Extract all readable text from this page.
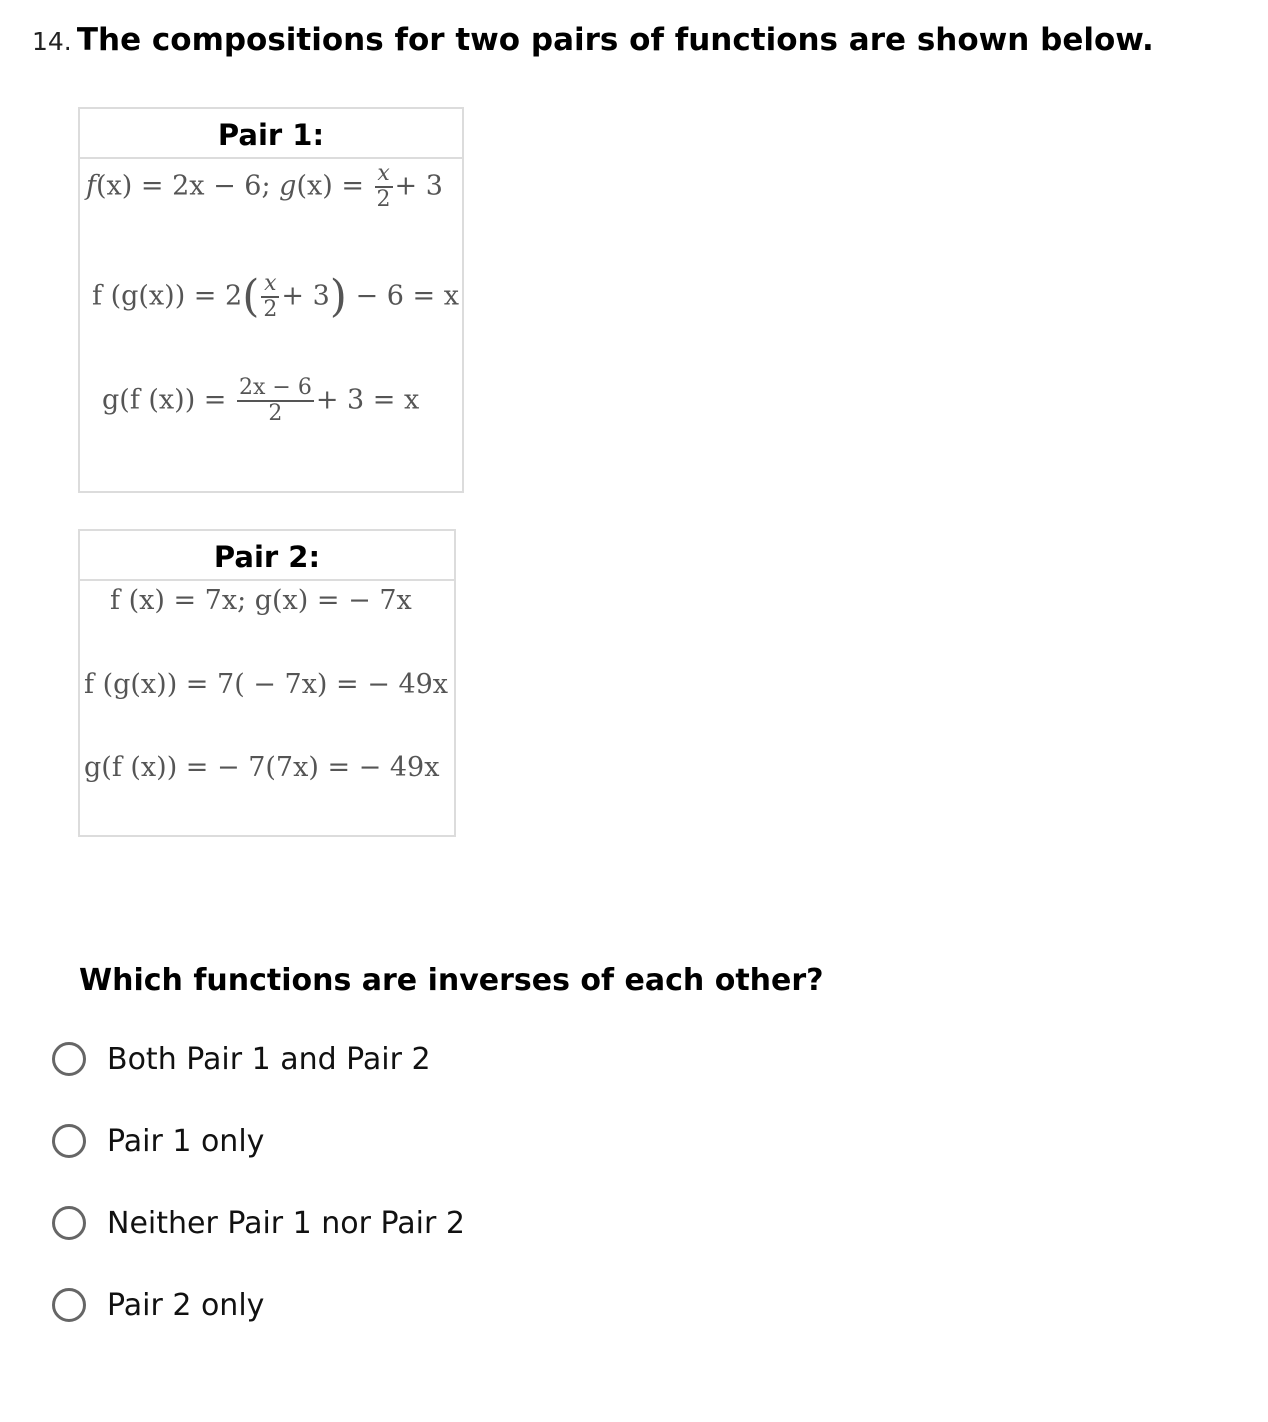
14. The compositions for two pairs of functions are shown below.
Pair 1:
f(x) = 2x − 6; $g(x) = \frac{x}{2} + 3$
f $(g(x)) = 2( \frac{x}{2} + 3) - 6 = x$
g(f $(x)) = \frac{2x - 6}{2} + 3 = x$
Pair 2:
f (x) = 7x; g(x) = − 7x
f (g(x)) = 7( − 7x) = − 49x
g(f (x)) = − 7(7x) = − 49x
Which functions are inverses of each other?
Both Pair 1 and Pair 2
Pair 1 only
Neither Pair 1 nor Pair 2
Pair 2 only
